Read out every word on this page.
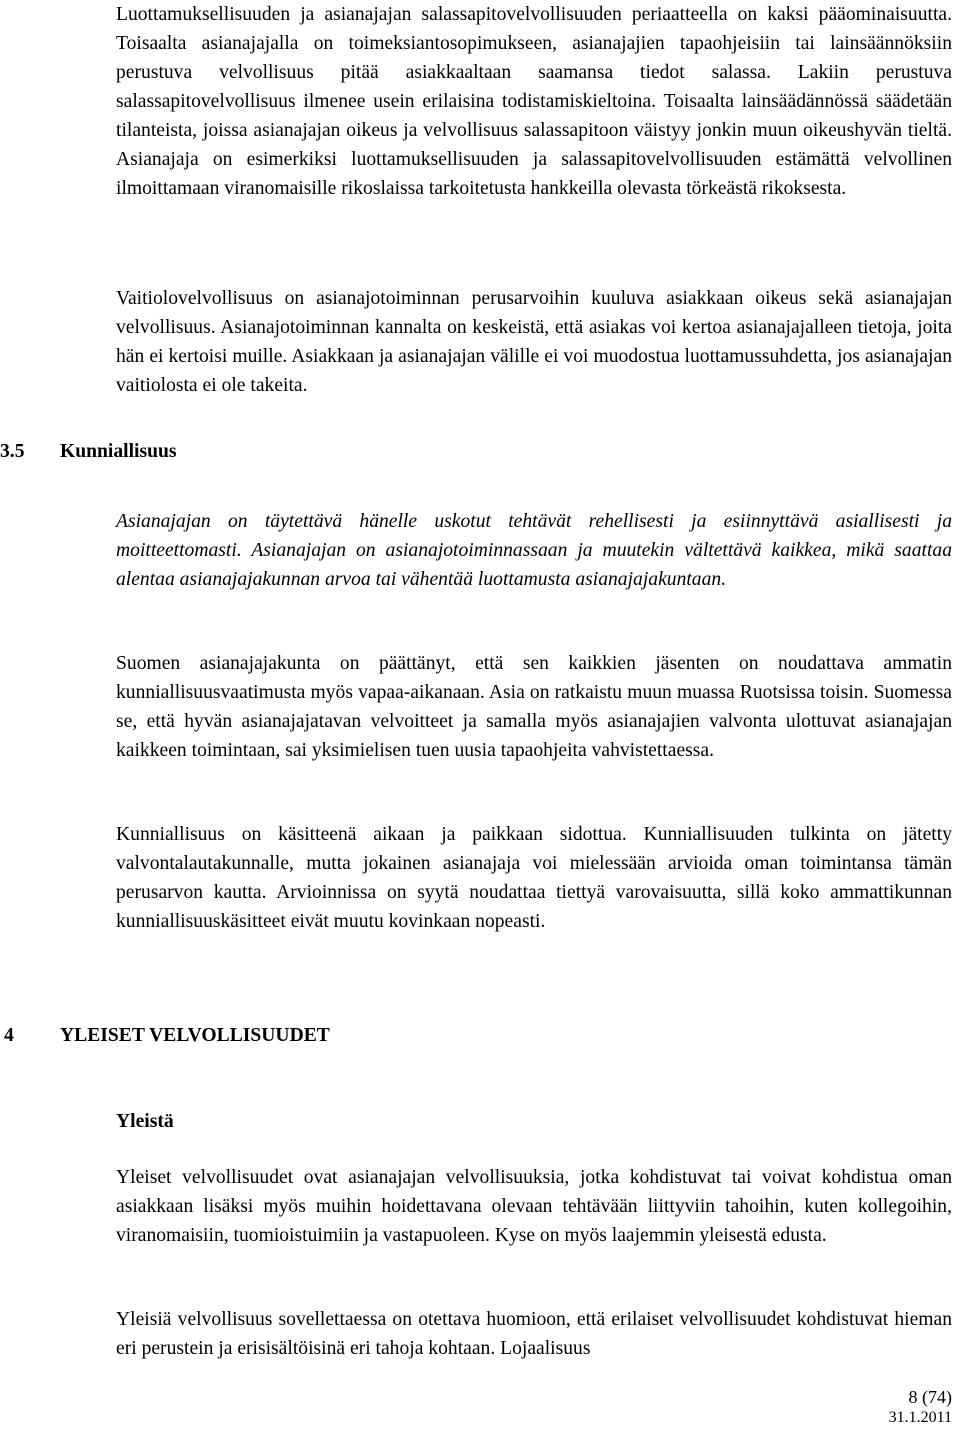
Luottamuksellisuuden ja asianajajan salassapitovelvollisuuden periaatteella on kaksi pääominaisuutta. Toisaalta asianajajalla on toimeksiantosopimukseen, asianajajien tapaohjeisiin tai lainsäännöksiin perustuva velvollisuus pitää asiakkaaltaan saamansa tiedot salassa. Lakiin perustuva salassapitovelvollisuus ilmenee usein erilaisina todistamiskieltoina. Toisaalta lainsäädännössä säädetään tilanteista, joissa asianajajan oikeus ja velvollisuus salassapitoon väistyy jonkin muun oikeushyvän tieltä. Asianajaja on esimerkiksi luottamuksellisuuden ja salassapitovelvollisuuden estämättä velvollinen ilmoittamaan viranomaisille rikoslaissa tarkoitetusta hankkeilla olevasta törkeästä rikoksesta.

Vaitiolovelvollisuus on asianajotoiminnan perusarvoihin kuuluva asiakkaan oikeus sekä asianajajan velvollisuus. Asianajotoiminnan kannalta on keskeistä, että asiakas voi kertoa asianajajalleen tietoja, joita hän ei kertoisi muille. Asiakkaan ja asianajajan välille ei voi muodostua luottamussuhdetta, jos asianajajan vaitiolosta ei ole takeita.

3.5 Kunniallisuus

Asianajajan on täytettävä hänelle uskotut tehtävät rehellisesti ja esiinnyttävä asiallisesti ja moitteettomasti. Asianajajan on asianajotoiminnassaan ja muutekin vältettävä kaikkea, mikä saattaa alentaa asianajajakunnan arvoa tai vähentää luottamusta asianajajakuntaan.

Suomen asianajajakunta on päättänyt, että sen kaikkien jäsenten on noudattava ammatin kunniallisuusvaatimusta myös vapaa-aikanaan. Asia on ratkaistu muun muassa Ruotsissa toisin. Suomessa se, että hyvän asianajajatavan velvoitteet ja samalla myös asianajajien valvonta ulottuvat asianajajan kaikkeen toimintaan, sai yksimielisen tuen uusia tapaohjeita vahvistettaessa.

Kunniallisuus on käsitteenä aikaan ja paikkaan sidottua. Kunniallisuuden tulkinta on jätetty valvontalautakunnalle, mutta jokainen asianajaja voi mielessään arvioida oman toimintansa tämän perusarvon kautta. Arvioinnissa on syytä noudattaa tiettyä varovaisuutta, sillä koko ammattikunnan kunniallisuuskäsitteet eivät muutu kovinkaan nopeasti.

4 YLEISET VELVOLLISUUDET
Yleistä

Yleiset velvollisuudet ovat asianajajan velvollisuuksia, jotka kohdistuvat tai voivat kohdistua oman asiakkaan lisäksi myös muihin hoidettavana olevaan tehtävään liittyviin tahoihin, kuten kollegoihin, viranomaisiin, tuomioistuimiin ja vastapuoleen. Kyse on myös laajemmin yleisestä edusta.

Yleisiä velvollisuus sovellettaessa on otettava huomioon, että erilaiset velvollisuudet kohdistuvat hieman eri perustein ja erisisältöisinä eri tahoja kohtaan. Lojaalisuus

8 (74)
31.1.2011
